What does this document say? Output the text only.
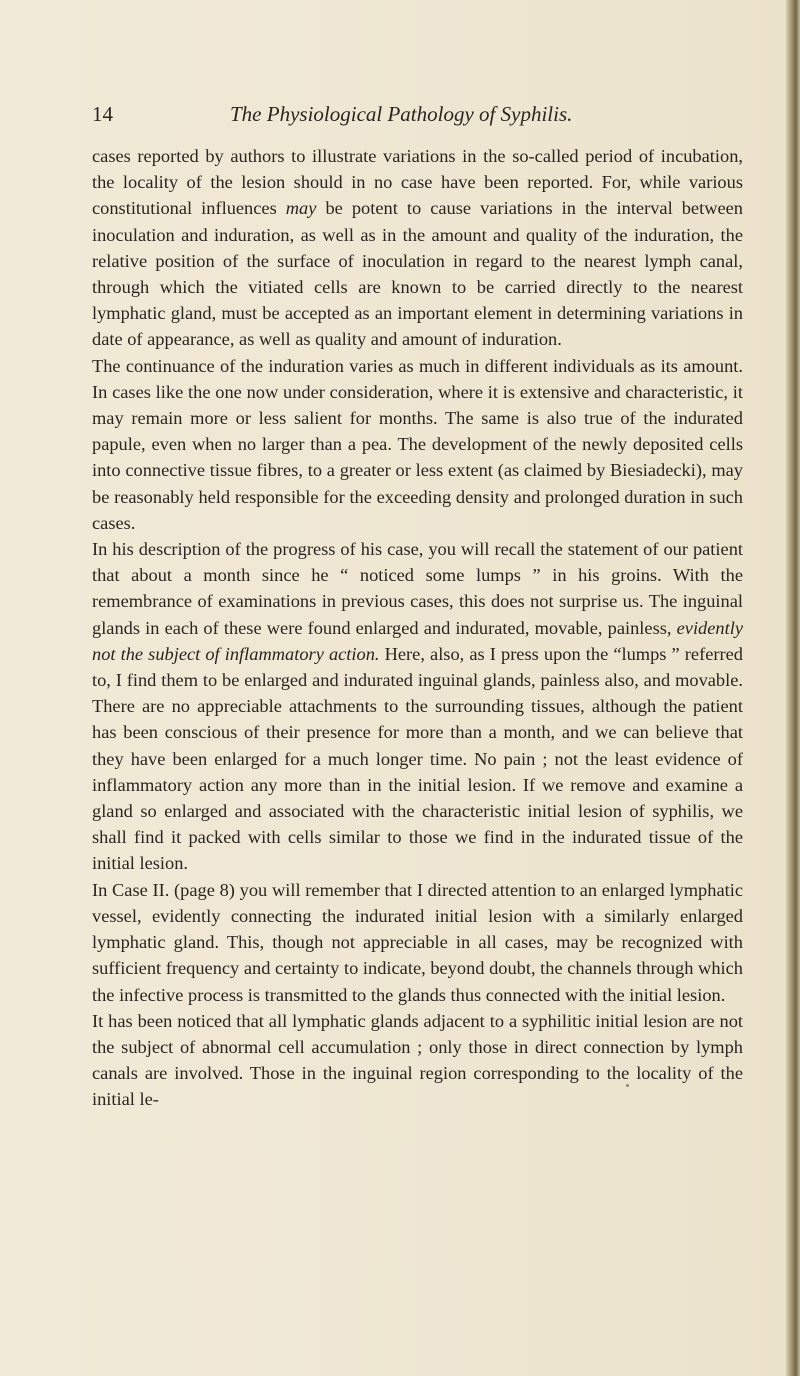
14	The Physiological Pathology of Syphilis.

cases reported by authors to illustrate variations in the so-called period of incubation, the locality of the lesion should in no case have been reported. For, while various constitutional influences may be potent to cause variations in the interval between inoculation and induration, as well as in the amount and quality of the induration, the relative position of the surface of inoculation in regard to the nearest lymph canal, through which the vitiated cells are known to be carried directly to the nearest lymphatic gland, must be accepted as an important element in determining variations in date of appearance, as well as quality and amount of induration.

The continuance of the induration varies as much in different individuals as its amount. In cases like the one now under consideration, where it is extensive and characteristic, it may remain more or less salient for months. The same is also true of the indurated papule, even when no larger than a pea. The development of the newly deposited cells into connective tissue fibres, to a greater or less extent (as claimed by Biesiadecki), may be reasonably held responsible for the exceeding density and prolonged duration in such cases.

In his description of the progress of his case, you will recall the statement of our patient that about a month since he “ noticed some lumps ” in his groins. With the remembrance of examinations in previous cases, this does not surprise us. The inguinal glands in each of these were found enlarged and indurated, movable, painless, evidently not the subject of inflammatory action. Here, also, as I press upon the “lumps ” referred to, I find them to be enlarged and indurated inguinal glands, painless also, and movable. There are no appreciable attachments to the surrounding tissues, although the patient has been conscious of their presence for more than a month, and we can believe that they have been enlarged for a much longer time. No pain ; not the least evidence of inflammatory action any more than in the initial lesion. If we remove and examine a gland so enlarged and associated with the characteristic initial lesion of syphilis, we shall find it packed with cells similar to those we find in the indurated tissue of the initial lesion.

In Case II. (page 8) you will remember that I directed attention to an enlarged lymphatic vessel, evidently connecting the indurated initial lesion with a similarly enlarged lymphatic gland. This, though not appreciable in all cases, may be recognized with sufficient frequency and certainty to indicate, beyond doubt, the channels through which the infective process is transmitted to the glands thus connected with the initial lesion.

It has been noticed that all lymphatic glands adjacent to a syphilitic initial lesion are not the subject of abnormal cell accumulation ; only those in direct connection by lymph canals are involved. Those in the inguinal region corresponding to the locality of the initial le-
